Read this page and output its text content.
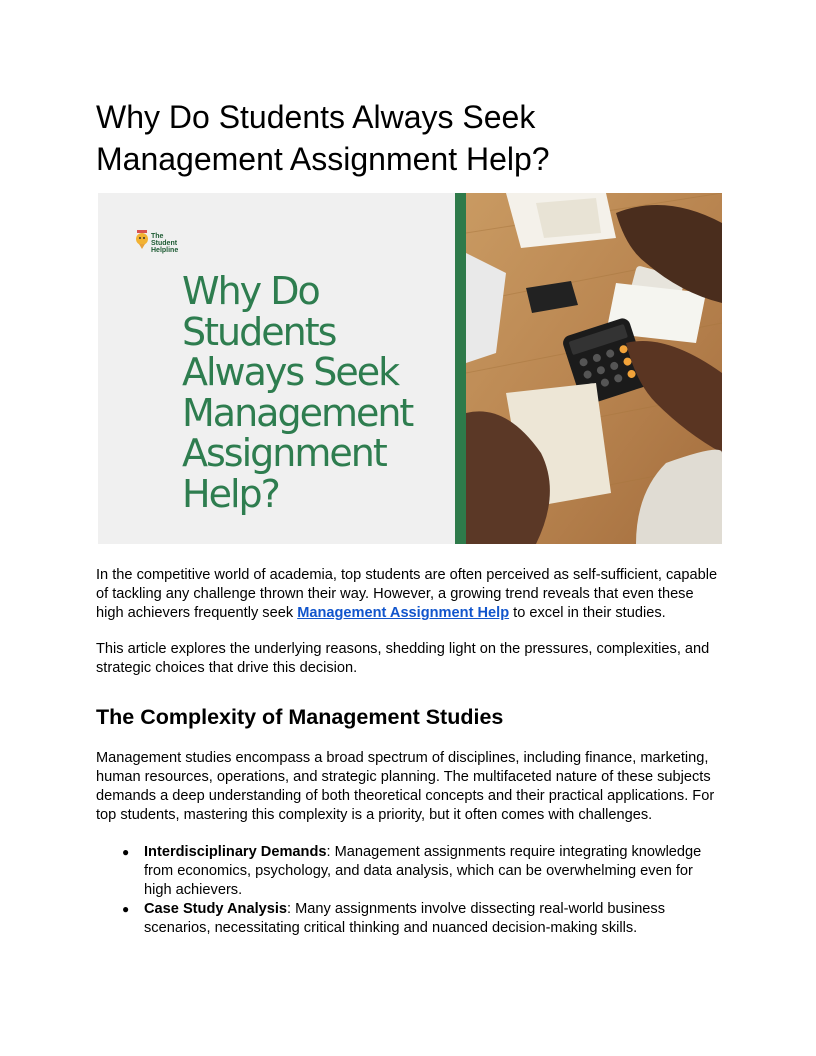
Why Do Students Always Seek Management Assignment Help?
The Student
Helpline
Why Do
Students
Always Seek
Management
Assignment
Help?

In the competitive world of academia, top students are often perceived as self-sufficient, capable of tackling any challenge thrown their way. However, a growing trend reveals that even these high achievers frequently seek Management Assignment Help to excel in their studies.

This article explores the underlying reasons, shedding light on the pressures, complexities, and strategic choices that drive this decision.

The Complexity of Management Studies

Management studies encompass a broad spectrum of disciplines, including finance, marketing, human resources, operations, and strategic planning. The multifaceted nature of these subjects demands a deep understanding of both theoretical concepts and their practical applications. For top students, mastering this complexity is a priority, but it often comes with challenges.

● Interdisciplinary Demands: Management assignments require integrating knowledge from economics, psychology, and data analysis, which can be overwhelming even for high achievers.
● Case Study Analysis: Many assignments involve dissecting real-world business scenarios, necessitating critical thinking and nuanced decision-making skills.
